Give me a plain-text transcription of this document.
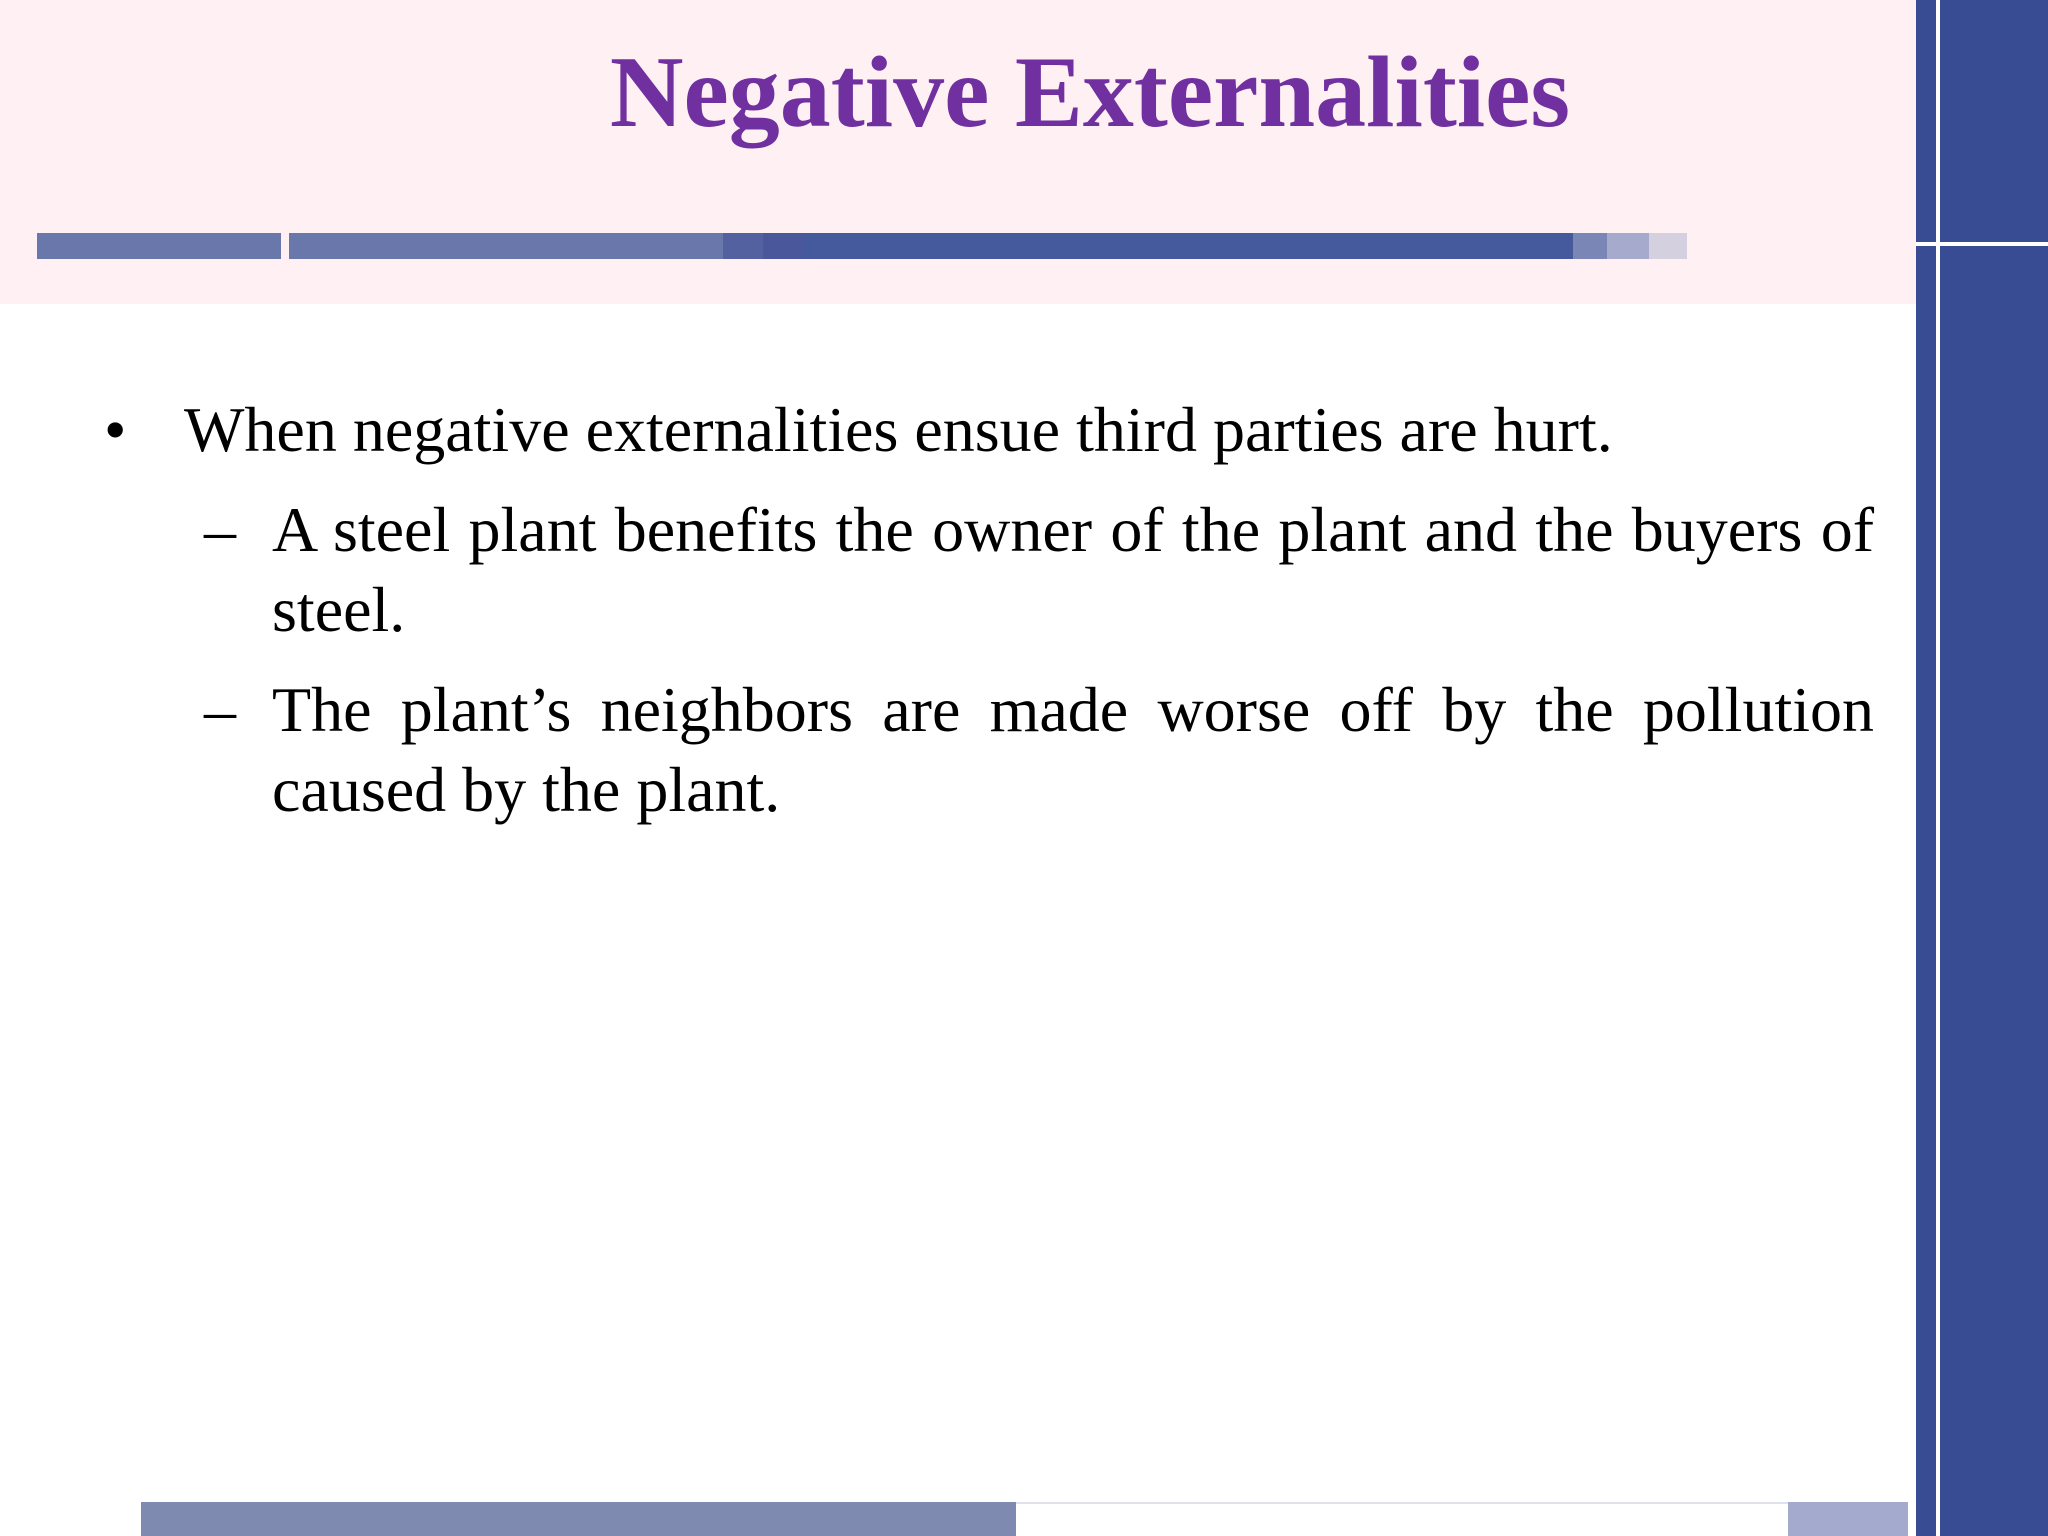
Negative Externalities
• When negative externalities ensue third parties are hurt.
– A steel plant benefits the owner of the plant and the buyers of steel.

– The plant’s neighbors are made worse off by the pollution caused by the plant.
